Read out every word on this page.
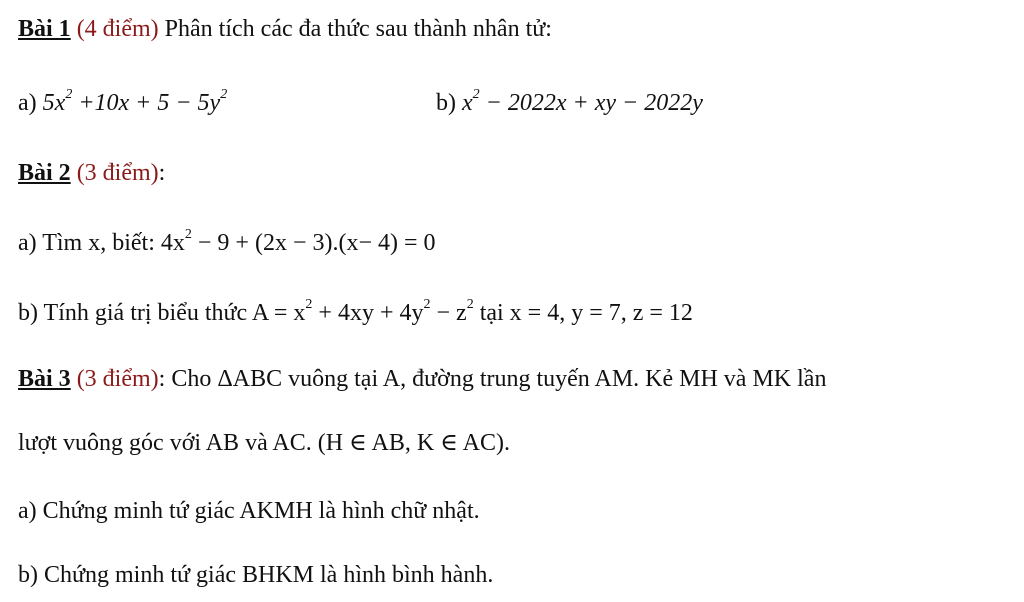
Bài 1 (4 điểm) Phân tích các đa thức sau thành nhân tử:
a) $5x^2 +10x + 5 - 5y^2$	b) $x^2 - 2022x$ + xy − 2022y
Bài 2 (3 điểm):
a) Tìm x, biết: $4x^2 - 9 + (2x - 3).(x- 4) = 0$
b) Tính giá trị biểu thức $A = x^2 + 4xy + 4y^2 - z^2$ tại x = 4, y = 7, z = 12
Bài 3 (3 điểm): Cho ΔABC vuông tại A, đường trung tuyến AM. Kẻ MH và MK lần
lượt vuông góc với AB và AC. (H ∈ AB, K ∈ AC).
a) Chứng minh tứ giác AKMH là hình chữ nhật.
b) Chứng minh tứ giác BHKM là hình bình hành.
